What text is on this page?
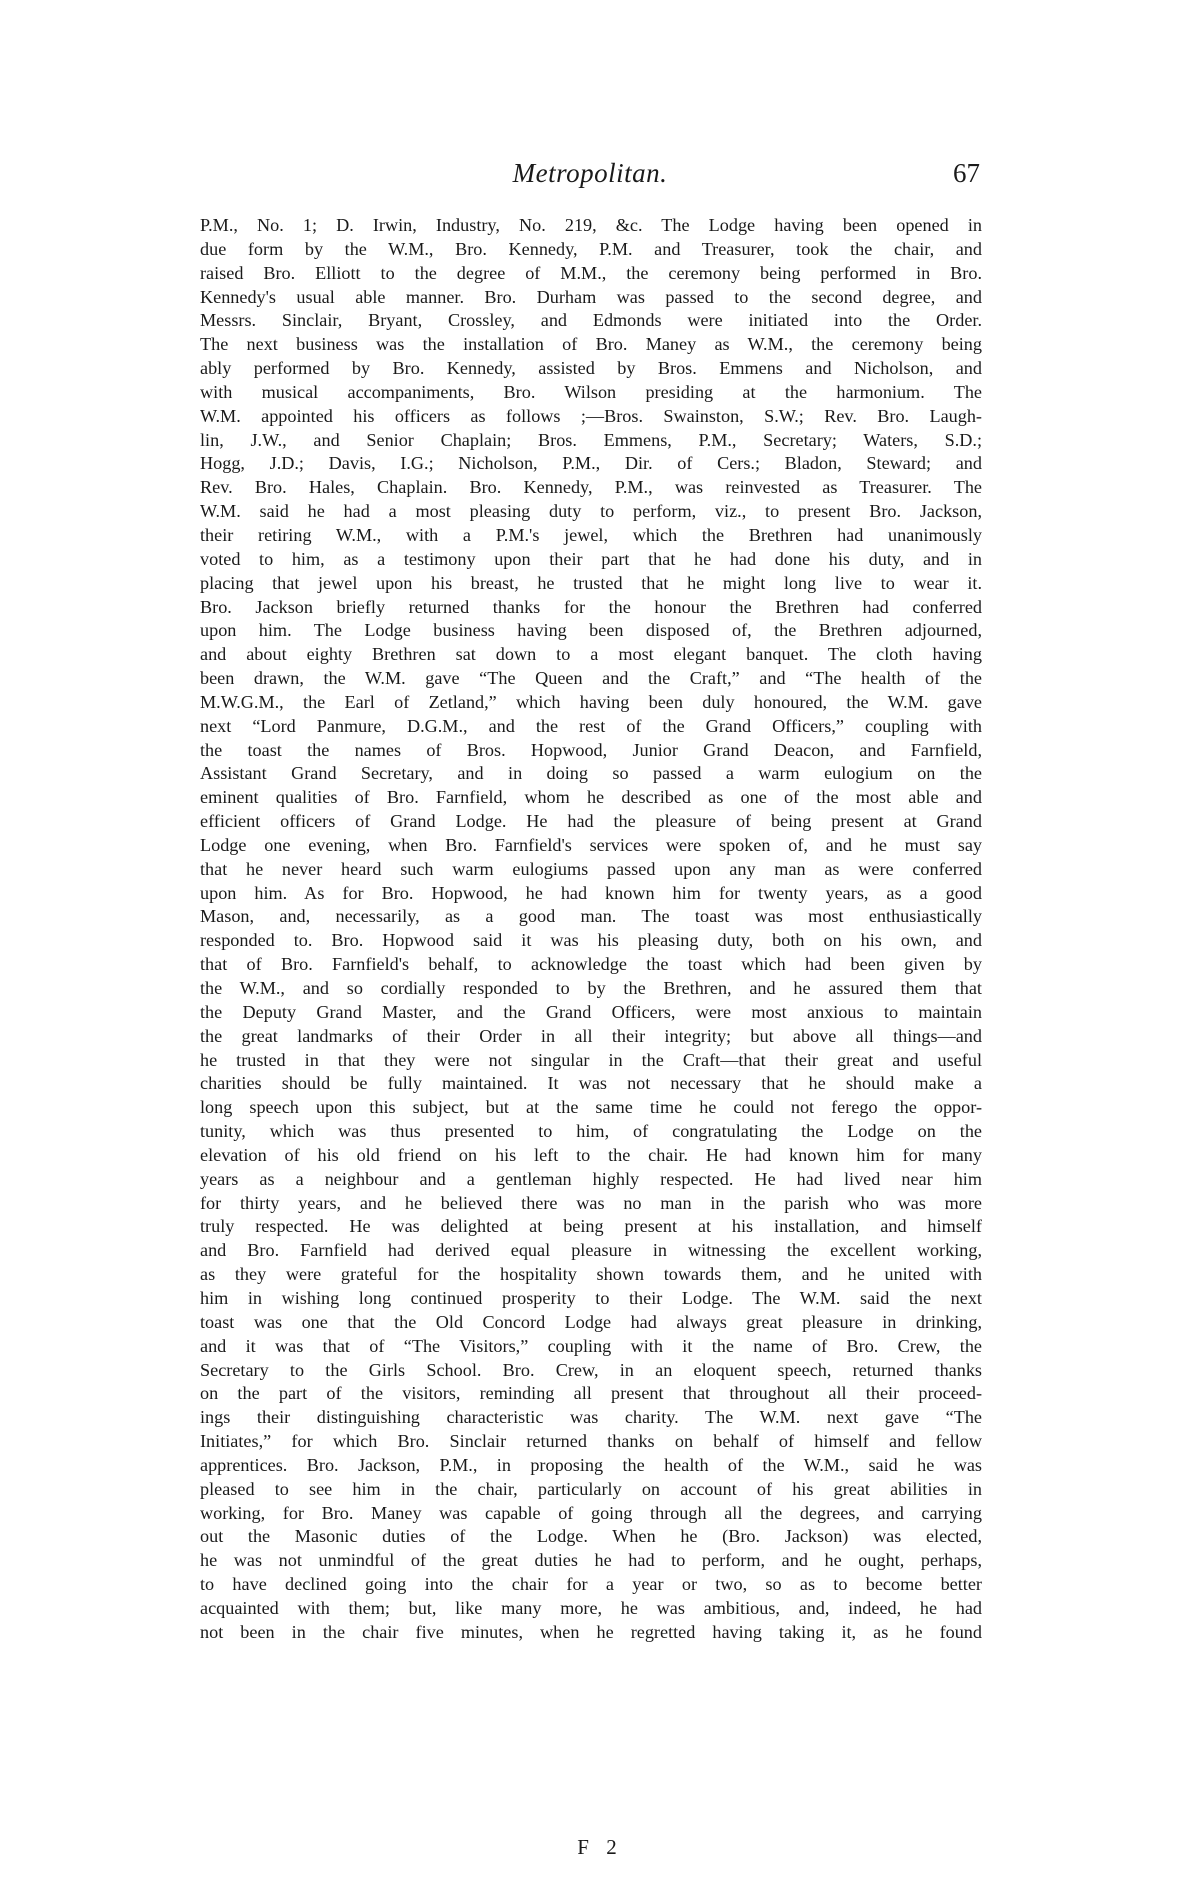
Metropolitan.	67
P.M., No. 1; D. Irwin, Industry, No. 219, &c. The Lodge having been opened in
due form by the W.M., Bro. Kennedy, P.M. and Treasurer, took the chair, and
raised Bro. Elliott to the degree of M.M., the ceremony being performed in Bro.
Kennedy's usual able manner. Bro. Durham was passed to the second degree, and
Messrs. Sinclair, Bryant, Crossley, and Edmonds were initiated into the Order.
The next business was the installation of Bro. Maney as W.M., the ceremony being
ably performed by Bro. Kennedy, assisted by Bros. Emmens and Nicholson, and
with musical accompaniments, Bro. Wilson presiding at the harmonium. The
W.M. appointed his officers as follows ;—Bros. Swainston, S.W.; Rev. Bro. Laugh-
lin, J.W., and Senior Chaplain; Bros. Emmens, P.M., Secretary; Waters, S.D.;
Hogg, J.D.; Davis, I.G.; Nicholson, P.M., Dir. of Cers.; Bladon, Steward; and
Rev. Bro. Hales, Chaplain. Bro. Kennedy, P.M., was reinvested as Treasurer. The
W.M. said he had a most pleasing duty to perform, viz., to present Bro. Jackson,
their retiring W.M., with a P.M.'s jewel, which the Brethren had unanimously
voted to him, as a testimony upon their part that he had done his duty, and in
placing that jewel upon his breast, he trusted that he might long live to wear it.
Bro. Jackson briefly returned thanks for the honour the Brethren had conferred
upon him. The Lodge business having been disposed of, the Brethren adjourned,
and about eighty Brethren sat down to a most elegant banquet. The cloth having
been drawn, the W.M. gave “The Queen and the Craft,” and “The health of the
M.W.G.M., the Earl of Zetland,” which having been duly honoured, the W.M. gave
next “Lord Panmure, D.G.M., and the rest of the Grand Officers,” coupling with
the toast the names of Bros. Hopwood, Junior Grand Deacon, and Farnfield,
Assistant Grand Secretary, and in doing so passed a warm eulogium on the
eminent qualities of Bro. Farnfield, whom he described as one of the most able and
efficient officers of Grand Lodge. He had the pleasure of being present at Grand
Lodge one evening, when Bro. Farnfield's services were spoken of, and he must say
that he never heard such warm eulogiums passed upon any man as were conferred
upon him. As for Bro. Hopwood, he had known him for twenty years, as a good
Mason, and, necessarily, as a good man. The toast was most enthusiastically
responded to. Bro. Hopwood said it was his pleasing duty, both on his own, and
that of Bro. Farnfield's behalf, to acknowledge the toast which had been given by
the W.M., and so cordially responded to by the Brethren, and he assured them that
the Deputy Grand Master, and the Grand Officers, were most anxious to maintain
the great landmarks of their Order in all their integrity; but above all things—and
he trusted in that they were not singular in the Craft—that their great and useful
charities should be fully maintained. It was not necessary that he should make a
long speech upon this subject, but at the same time he could not ferego the oppor-
tunity, which was thus presented to him, of congratulating the Lodge on the
elevation of his old friend on his left to the chair. He had known him for many
years as a neighbour and a gentleman highly respected. He had lived near him
for thirty years, and he believed there was no man in the parish who was more
truly respected. He was delighted at being present at his installation, and himself
and Bro. Farnfield had derived equal pleasure in witnessing the excellent working,
as they were grateful for the hospitality shown towards them, and he united with
him in wishing long continued prosperity to their Lodge. The W.M. said the next
toast was one that the Old Concord Lodge had always great pleasure in drinking,
and it was that of “The Visitors,” coupling with it the name of Bro. Crew, the
Secretary to the Girls School. Bro. Crew, in an eloquent speech, returned thanks
on the part of the visitors, reminding all present that throughout all their proceed-
ings their distinguishing characteristic was charity. The W.M. next gave “The
Initiates,” for which Bro. Sinclair returned thanks on behalf of himself and fellow
apprentices. Bro. Jackson, P.M., in proposing the health of the W.M., said he was
pleased to see him in the chair, particularly on account of his great abilities in
working, for Bro. Maney was capable of going through all the degrees, and carrying
out the Masonic duties of the Lodge. When he (Bro. Jackson) was elected,
he was not unmindful of the great duties he had to perform, and he ought, perhaps,
to have declined going into the chair for a year or two, so as to become better
acquainted with them; but, like many more, he was ambitious, and, indeed, he had
not been in the chair five minutes, when he regretted having taking it, as he found
F 2
